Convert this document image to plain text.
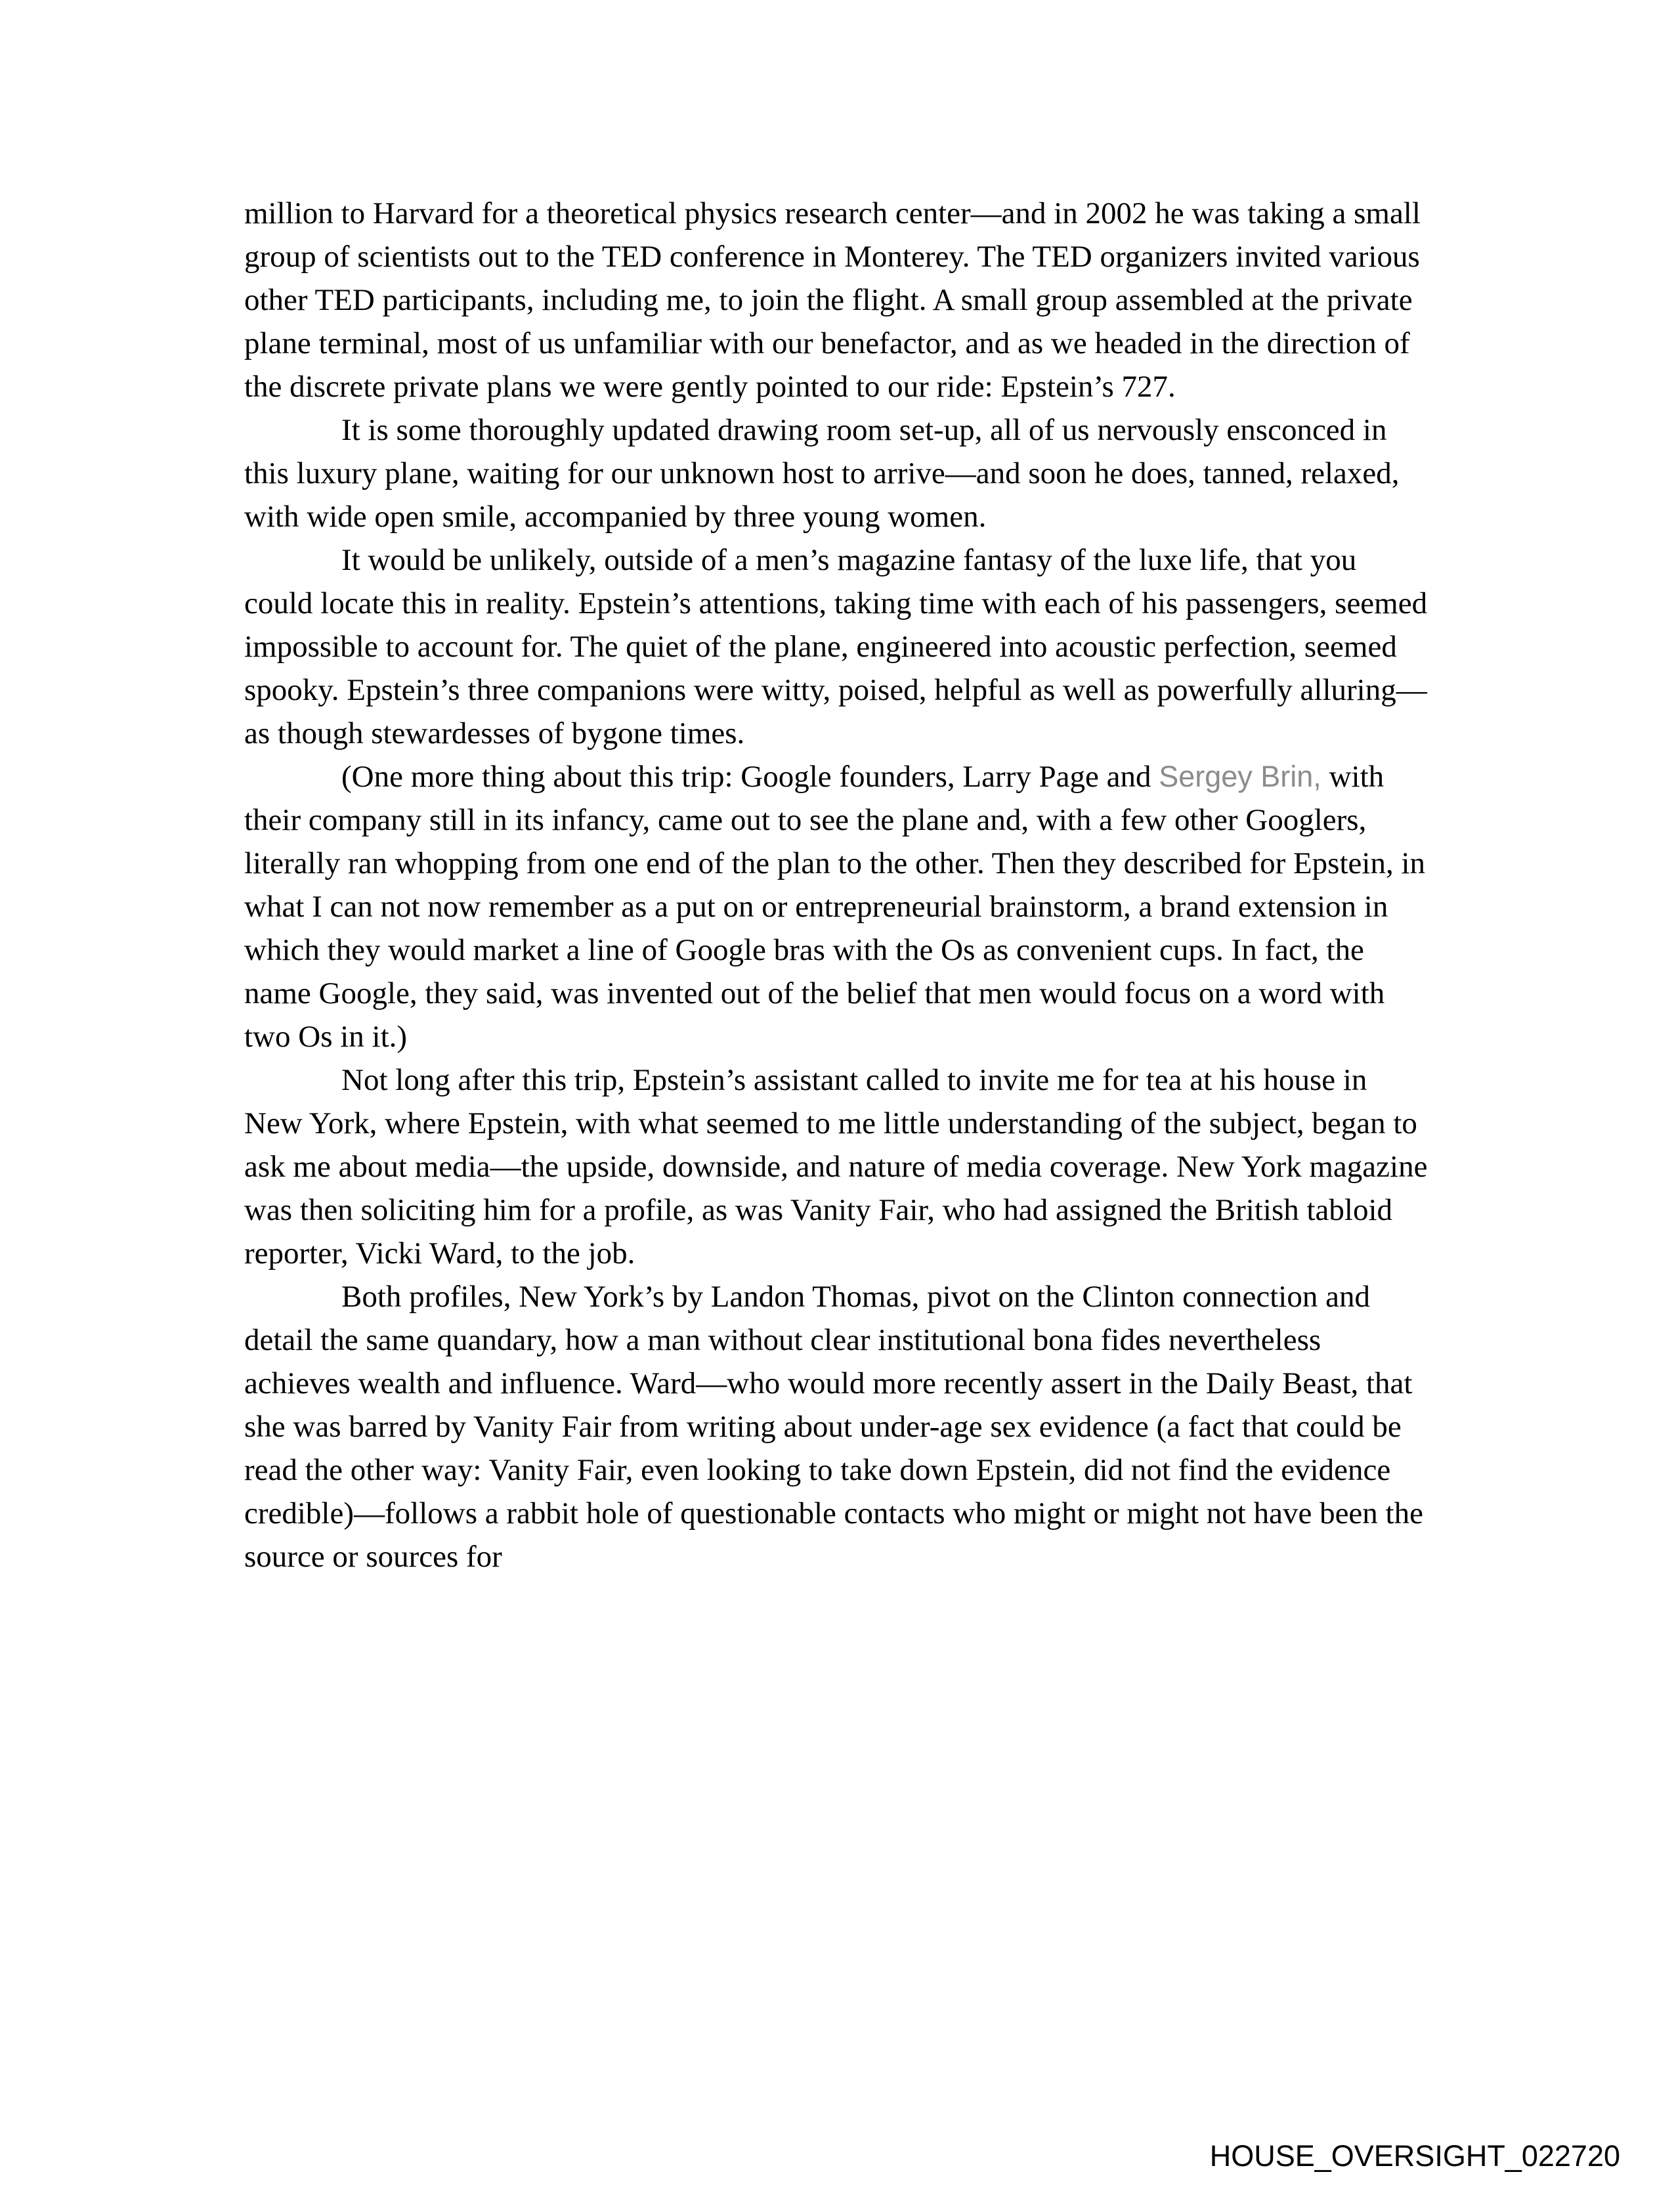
million to Harvard for a theoretical physics research center—and in 2002 he was taking a small group of scientists out to the TED conference in Monterey. The TED organizers invited various other TED participants, including me, to join the flight. A small group assembled at the private plane terminal, most of us unfamiliar with our benefactor, and as we headed in the direction of the discrete private plans we were gently pointed to our ride: Epstein’s 727.

It is some thoroughly updated drawing room set-up, all of us nervously ensconced in this luxury plane, waiting for our unknown host to arrive—and soon he does, tanned, relaxed, with wide open smile, accompanied by three young women.

It would be unlikely, outside of a men’s magazine fantasy of the luxe life, that you could locate this in reality. Epstein’s attentions, taking time with each of his passengers, seemed impossible to account for. The quiet of the plane, engineered into acoustic perfection, seemed spooky. Epstein’s three companions were witty, poised, helpful as well as powerfully alluring—as though stewardesses of bygone times.

(One more thing about this trip: Google founders, Larry Page and Sergey Brin, with their company still in its infancy, came out to see the plane and, with a few other Googlers, literally ran whopping from one end of the plan to the other. Then they described for Epstein, in what I can not now remember as a put on or entrepreneurial brainstorm, a brand extension in which they would market a line of Google bras with the Os as convenient cups. In fact, the name Google, they said, was invented out of the belief that men would focus on a word with two Os in it.)

Not long after this trip, Epstein’s assistant called to invite me for tea at his house in New York, where Epstein, with what seemed to me little understanding of the subject, began to ask me about media—the upside, downside, and nature of media coverage. New York magazine was then soliciting him for a profile, as was Vanity Fair, who had assigned the British tabloid reporter, Vicki Ward, to the job.

Both profiles, New York’s by Landon Thomas, pivot on the Clinton connection and detail the same quandary, how a man without clear institutional bona fides nevertheless achieves wealth and influence. Ward—who would more recently assert in the Daily Beast, that she was barred by Vanity Fair from writing about under-age sex evidence (a fact that could be read the other way: Vanity Fair, even looking to take down Epstein, did not find the evidence credible)—follows a rabbit hole of questionable contacts who might or might not have been the source or sources for

HOUSE_OVERSIGHT_022720
